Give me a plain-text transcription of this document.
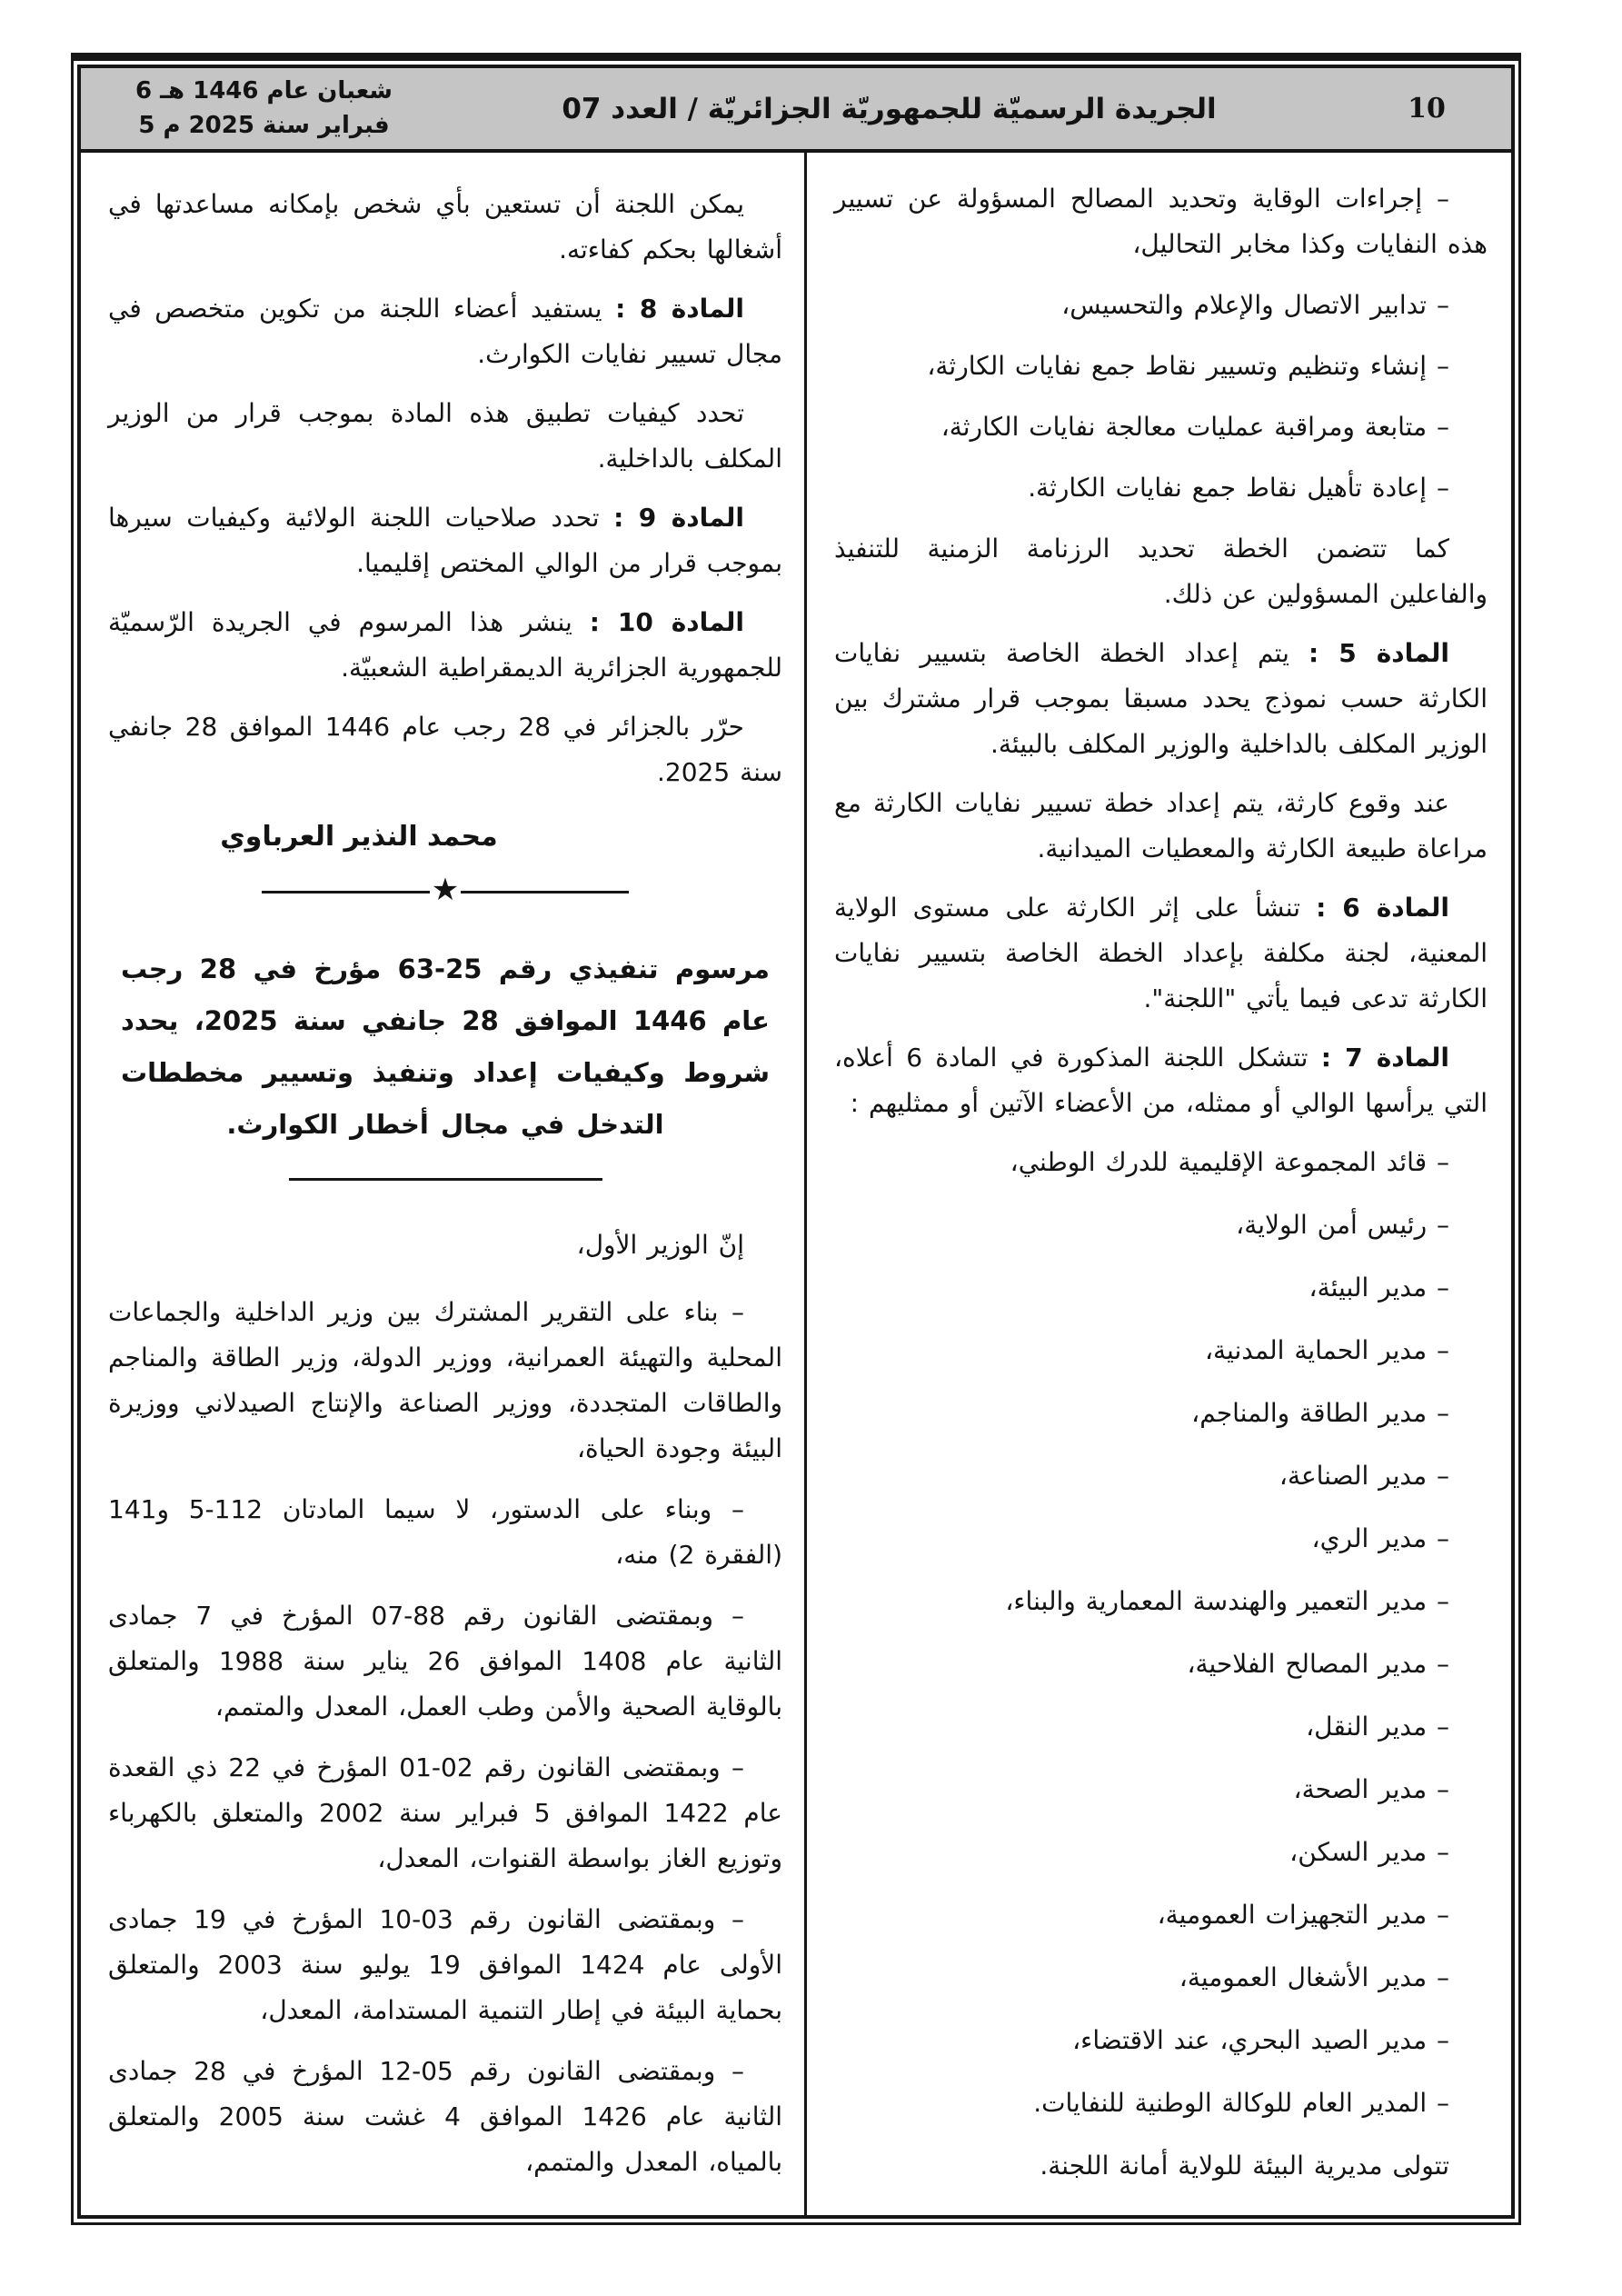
6 شعبان عام 1446 هـ
5 فبراير سنة 2025 م	الجريدة الرسميّة للجمهوريّة الجزائريّة / العدد 07	10
– إجراءات الوقاية وتحديد المصالح المسؤولة عن تسيير هذه النفايات وكذا مخابر التحاليل،
– تدابير الاتصال والإعلام والتحسيس،
– إنشاء وتنظيم وتسيير نقاط جمع نفايات الكارثة،
– متابعة ومراقبة عمليات معالجة نفايات الكارثة،
– إعادة تأهيل نقاط جمع نفايات الكارثة.

كما تتضمن الخطة تحديد الرزنامة الزمنية للتنفيذ والفاعلين المسؤولين عن ذلك.

المادة 5 : يتم إعداد الخطة الخاصة بتسيير نفايات الكارثة حسب نموذج يحدد مسبقا بموجب قرار مشترك بين الوزير المكلف بالداخلية والوزير المكلف بالبيئة.

عند وقوع كارثة، يتم إعداد خطة تسيير نفايات الكارثة مع مراعاة طبيعة الكارثة والمعطيات الميدانية.

المادة 6 : تنشأ على إثر الكارثة على مستوى الولاية المعنية، لجنة مكلفة بإعداد الخطة الخاصة بتسيير نفايات الكارثة تدعى فيما يأتي "اللجنة".

المادة 7 : تتشكل اللجنة المذكورة في المادة 6 أعلاه، التي يرأسها الوالي أو ممثله، من الأعضاء الآتين أو ممثليهم :

– قائد المجموعة الإقليمية للدرك الوطني،
– رئيس أمن الولاية،
– مدير البيئة،
– مدير الحماية المدنية،
– مدير الطاقة والمناجم،
– مدير الصناعة،
– مدير الري،
– مدير التعمير والهندسة المعمارية والبناء،
– مدير المصالح الفلاحية،
– مدير النقل،
– مدير الصحة،
– مدير السكن،
– مدير التجهيزات العمومية،
– مدير الأشغال العمومية،
– مدير الصيد البحري، عند الاقتضاء،
– المدير العام للوكالة الوطنية للنفايات.

تتولى مديرية البيئة للولاية أمانة اللجنة.

يمكن اللجنة أن تستعين بأي شخص بإمكانه مساعدتها في أشغالها بحكم كفاءته.

المادة 8 : يستفيد أعضاء اللجنة من تكوين متخصص في مجال تسيير نفايات الكوارث.

تحدد كيفيات تطبيق هذه المادة بموجب قرار من الوزير المكلف بالداخلية.

المادة 9 : تحدد صلاحيات اللجنة الولائية وكيفيات سيرها بموجب قرار من الوالي المختص إقليميا.

المادة 10 : ينشر هذا المرسوم في الجريدة الرّسميّة للجمهورية الجزائرية الديمقراطية الشعبيّة.

حرّر بالجزائر في 28 رجب عام 1446 الموافق 28 جانفي سنة 2025.

محمد النذير العرباوي
★
مرسوم تنفيذي رقم 25-63 مؤرخ في 28 رجب عام 1446 الموافق 28 جانفي سنة 2025، يحدد شروط وكيفيات إعداد وتنفيذ وتسيير مخططات التدخل في مجال أخطار الكوارث.

إنّ الوزير الأول،

– بناء على التقرير المشترك بين وزير الداخلية والجماعات المحلية والتهيئة العمرانية، ووزير الدولة، وزير الطاقة والمناجم والطاقات المتجددة، ووزير الصناعة والإنتاج الصيدلاني ووزيرة البيئة وجودة الحياة،
– وبناء على الدستور، لا سيما المادتان 112-5 و141 (الفقرة 2) منه،
– وبمقتضى القانون رقم 88-07 المؤرخ في 7 جمادى الثانية عام 1408 الموافق 26 يناير سنة 1988 والمتعلق بالوقاية الصحية والأمن وطب العمل، المعدل والمتمم،
– وبمقتضى القانون رقم 02-01 المؤرخ في 22 ذي القعدة عام 1422 الموافق 5 فبراير سنة 2002 والمتعلق بالكهرباء وتوزيع الغاز بواسطة القنوات، المعدل،
– وبمقتضى القانون رقم 03-10 المؤرخ في 19 جمادى الأولى عام 1424 الموافق 19 يوليو سنة 2003 والمتعلق بحماية البيئة في إطار التنمية المستدامة، المعدل،
– وبمقتضى القانون رقم 05-12 المؤرخ في 28 جمادى الثانية عام 1426 الموافق 4 غشت سنة 2005 والمتعلق بالمياه، المعدل والمتمم،
